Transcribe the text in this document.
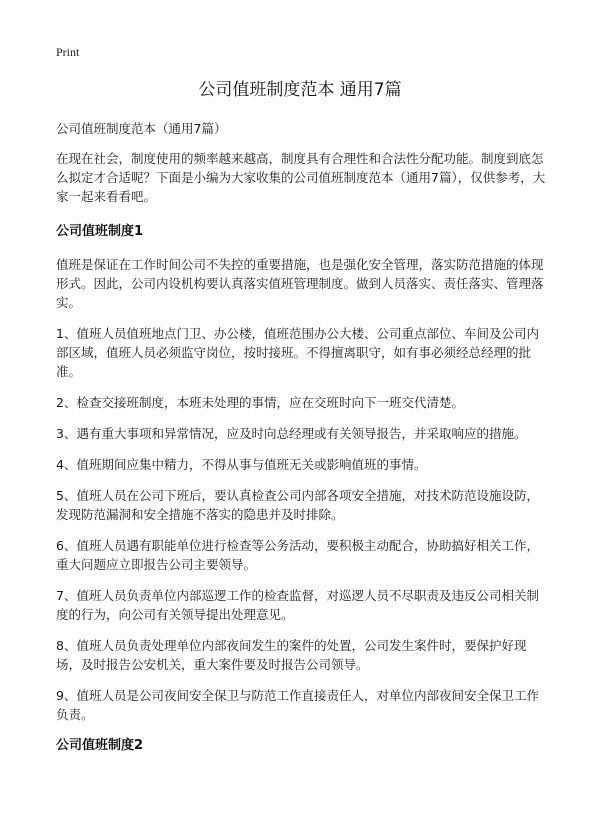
Print
公司值班制度范本 通用7篇

公司值班制度范本（通用7篇）

在现在社会，制度使用的频率越来越高，制度具有合理性和合法性分配功能。制度到底怎么拟定才合适呢？下面是小编为大家收集的公司值班制度范本（通用7篇），仅供参考，大家一起来看看吧。

公司值班制度1

值班是保证在工作时间公司不失控的重要措施，也是强化安全管理，落实防范措施的体现形式。因此，公司内设机构要认真落实值班管理制度。做到人员落实、责任落实、管理落实。

1、值班人员值班地点门卫、办公楼，值班范围办公大楼、公司重点部位、车间及公司内部区域，值班人员必须监守岗位，按时接班。不得擅离职守，如有事必须经总经理的批准。

2、检查交接班制度，本班未处理的事情，应在交班时向下一班交代清楚。

3、遇有重大事项和异常情况，应及时向总经理或有关领导报告，并采取响应的措施。

4、值班期间应集中精力，不得从事与值班无关或影响值班的事情。

5、值班人员在公司下班后，要认真检查公司内部各项安全措施，对技术防范设施设防，发现防范漏洞和安全措施不落实的隐患并及时排除。

6、值班人员遇有职能单位进行检查等公务活动，要积极主动配合，协助搞好相关工作，重大问题应立即报告公司主要领导。

7、值班人员负责单位内部巡逻工作的检查监督，对巡逻人员不尽职责及违反公司相关制度的行为，向公司有关领导提出处理意见。

8、值班人员负责处理单位内部夜间发生的案件的处置，公司发生案件时，要保护好现场，及时报告公安机关，重大案件要及时报告公司领导。

9、值班人员是公司夜间安全保卫与防范工作直接责任人，对单位内部夜间安全保卫工作负责。

公司值班制度2
